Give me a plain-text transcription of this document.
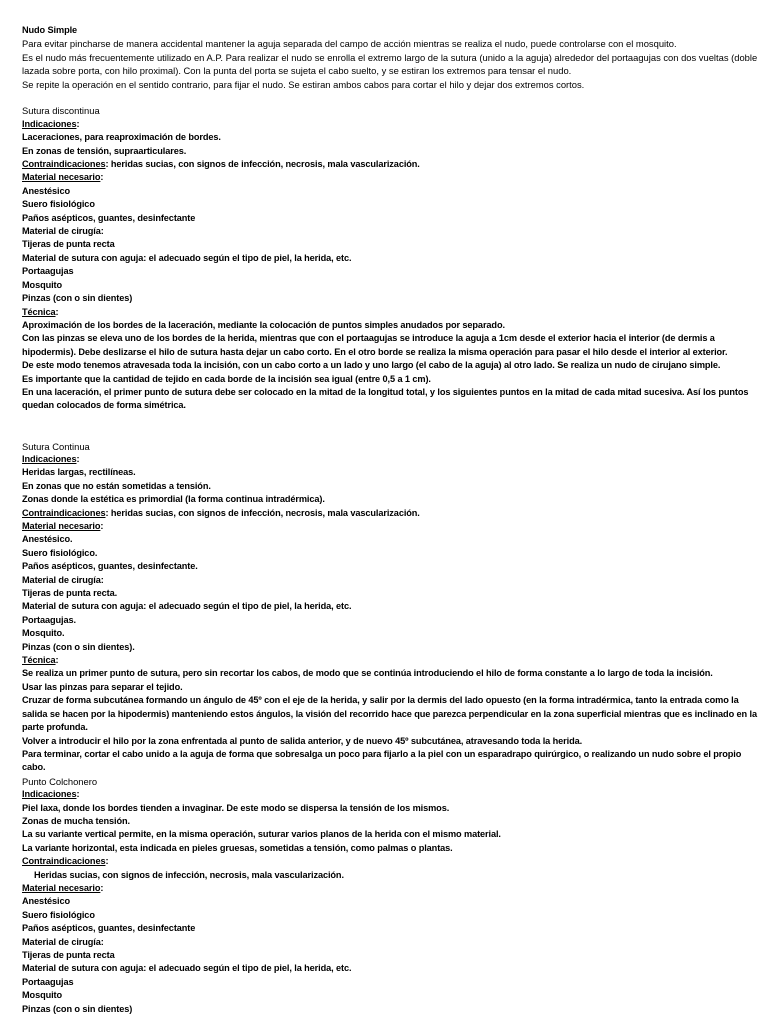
Nudo Simple
Para evitar pincharse de manera accidental mantener la aguja separada del campo de acción mientras se realiza el nudo, puede controlarse con el mosquito.
Es el nudo más frecuentemente utilizado en A.P. Para realizar el nudo se enrolla el extremo largo de la sutura (unido a la aguja) alrededor del portaagujas con dos vueltas (doble lazada sobre porta, con hilo proximal). Con la punta del porta se sujeta el cabo suelto, y se estiran los extremos para tensar el nudo.
Se repite la operación en el sentido contrario, para fijar el nudo. Se estiran ambos cabos para cortar el hilo y dejar dos extremos cortos.
Sutura discontinua
Indicaciones:
Laceraciones, para reaproximación de bordes.
En zonas de tensión, supraarticulares.
Contraindicaciones: heridas sucias, con signos de infección, necrosis, mala vascularización.
Material necesario:
Anestésico
Suero fisiológico
Paños asépticos, guantes, desinfectante
Material de cirugía:
Tijeras de punta recta
Material de sutura con aguja: el adecuado según el tipo de piel, la herida, etc.
Portaagujas
Mosquito
Pinzas (con o sin dientes)
Técnica:
Aproximación de los bordes de la laceración, mediante la colocación de puntos simples anudados por separado.
Con las pinzas se eleva uno de los bordes de la herida, mientras que con el portaagujas se introduce la aguja a 1cm desde el exterior hacia el interior (de dermis a hipodermis). Debe deslizarse el hilo de sutura hasta dejar un cabo corto. En el otro borde se realiza la misma operación para pasar el hilo desde el interior al exterior.
De este modo tenemos atravesada toda la incisión, con un cabo corto a un lado y uno largo (el cabo de la aguja) al otro lado. Se realiza un nudo de cirujano simple.
Es importante que la cantidad de tejido en cada borde de la incisión sea igual (entre 0,5 a 1 cm).
En una laceración, el primer punto de sutura debe ser colocado en la mitad de la longitud total, y los siguientes puntos en la mitad de cada mitad sucesiva. Así los puntos quedan colocados de forma simétrica.
Sutura Continua
Indicaciones:
Heridas largas, rectilíneas.
En zonas que no están sometidas a tensión.
Zonas donde la estética es primordial (la forma continua intradérmica).
Contraindicaciones: heridas sucias, con signos de infección, necrosis, mala vascularización.
Material necesario:
Anestésico.
Suero fisiológico.
Paños asépticos, guantes, desinfectante.
Material de cirugía:
Tijeras de punta recta.
Material de sutura con aguja: el adecuado según el tipo de piel, la herida, etc.
Portaagujas.
Mosquito.
Pinzas (con o sin dientes).
Técnica:
Se realiza un primer punto de sutura, pero sin recortar los cabos, de modo que se continúa introduciendo el hilo de forma constante a lo largo de toda la incisión.
Usar las pinzas para separar el tejido.
Cruzar de forma subcutánea formando un ángulo de 45º con el eje de la herida, y salir por la dermis del lado opuesto (en la forma intradérmica, tanto la entrada como la salida se hacen por la hipodermis) manteniendo estos ángulos, la visión del recorrido hace que parezca perpendicular en la zona superficial mientras que es inclinado en la parte profunda.
Volver a introducir el hilo por la zona enfrentada al punto de salida anterior, y de nuevo 45º subcutánea, atravesando toda la herida.
Para terminar, cortar el cabo unido a la aguja de forma que sobresalga un poco para fijarlo a la piel con un esparadrapo quirúrgico, o realizando un nudo sobre el propio cabo.
Punto Colchonero
Indicaciones:
Piel laxa, donde los bordes tienden a invaginar. De este modo se dispersa la tensión de los mismos.
Zonas de mucha tensión.
La su variante vertical permite, en la misma operación, suturar varios planos de la herida con el mismo material.
La variante horizontal, esta indicada en pieles gruesas, sometidas a tensión, como palmas o plantas.
Contraindicaciones:
Heridas sucias, con signos de infección, necrosis, mala vascularización.
Material necesario:
Anestésico
Suero fisiológico
Paños asépticos, guantes, desinfectante
Material de cirugía:
Tijeras de punta recta
Material de sutura con aguja: el adecuado según el tipo de piel, la herida, etc.
Portaagujas
Mosquito
Pinzas (con o sin dientes)
